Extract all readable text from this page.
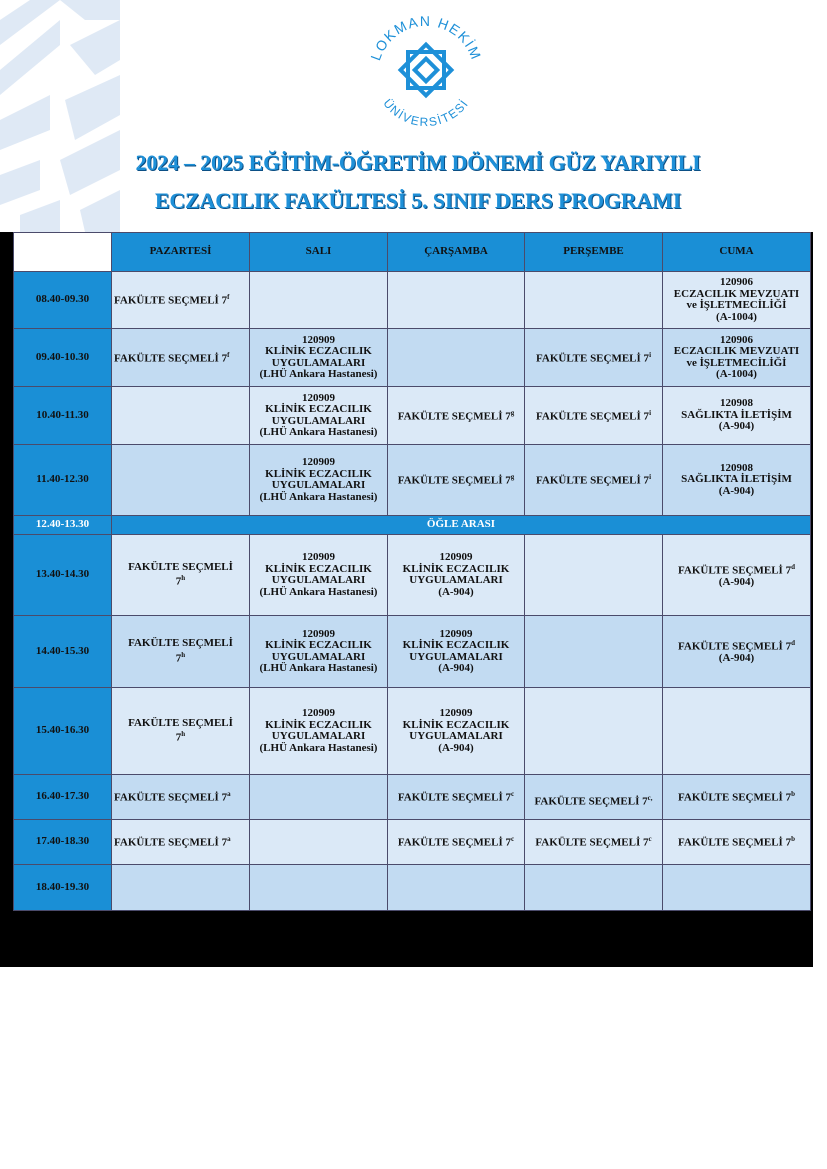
LOKMAN HEKİM
ÜNİVERSİTESİ
2024 – 2025 EĞİTİM-ÖĞRETİM DÖNEMİ GÜZ YARIYILI
ECZACILIK FAKÜLTESİ 5. SINIF DERS PROGRAMI
	PAZARTESİ	SALI	ÇARŞAMBA	PERŞEMBE	CUMA
08.40-09.30	FAKÜLTE SEÇMELİ 7$^f$				120906
ECZACILIK MEVZUATI
ve İŞLETMECİLİĞİ
(A-1004)

09.40-10.30	FAKÜLTE SEÇMELİ 7$^f$	120909
KLİNİK ECZACILIK
UYGULAMALARI
(LHÜ Ankara Hastanesi)		FAKÜLTE SEÇMELİ 7$^i$	120906
ECZACILIK MEVZUATI
ve İŞLETMECİLİĞİ
(A-1004)

10.40-11.30		120909
KLİNİK ECZACILIK
UYGULAMALARI
(LHÜ Ankara Hastanesi)	FAKÜLTE SEÇMELİ 7$^g$	FAKÜLTE SEÇMELİ 7$^i$	120908
SAĞLIKTA İLETİŞİM
(A-904)

11.40-12.30		120909
KLİNİK ECZACILIK
UYGULAMALARI
(LHÜ Ankara Hastanesi)	FAKÜLTE SEÇMELİ 7$^g$	FAKÜLTE SEÇMELİ 7$^i$	120908
SAĞLIKTA İLETİŞİM
(A-904)

12.40-13.30	ÖĞLE ARASI				
13.40-14.30	FAKÜLTE SEÇMELİ
7$^h$	120909
KLİNİK ECZACILIK
UYGULAMALARI
(LHÜ Ankara Hastanesi)	120909
KLİNİK ECZACILIK
UYGULAMALARI
(A-904)		FAKÜLTE SEÇMELİ 7$^d$
(A-904)

14.40-15.30	FAKÜLTE SEÇMELİ
7$^h$	120909
KLİNİK ECZACILIK
UYGULAMALARI
(LHÜ Ankara Hastanesi)	120909
KLİNİK ECZACILIK
UYGULAMALARI
(A-904)		FAKÜLTE SEÇMELİ 7$^d$
(A-904)

15.40-16.30	FAKÜLTE SEÇMELİ
7$^h$	120909
KLİNİK ECZACILIK
UYGULAMALARI
(LHÜ Ankara Hastanesi)	120909
KLİNİK ECZACILIK
UYGULAMALARI
(A-904)		

16.40-17.30	FAKÜLTE SEÇMELİ 7$^a$		FAKÜLTE SEÇMELİ 7$^c$	FAKÜLTE SEÇMELİ $7^{c,}$	FAKÜLTE SEÇMELİ 7$^b$

17.40-18.30	FAKÜLTE SEÇMELİ 7$^a$		FAKÜLTE SEÇMELİ 7$^c$	FAKÜLTE SEÇMELİ 7$^c$	FAKÜLTE SEÇMELİ 7$^b$

18.40-19.30					
